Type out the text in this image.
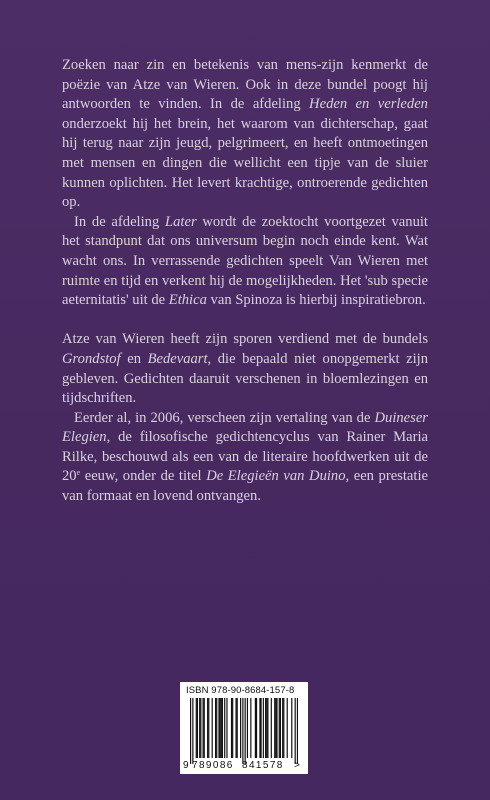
Zoeken naar zin en betekenis van mens-zijn kenmerkt de poëzie van Atze van Wieren. Ook in deze bundel poogt hij antwoorden te vinden. In de afdeling Heden en verleden onderzoekt hij het brein, het waarom van dichterschap, gaat hij terug naar zijn jeugd, pelgrimeert, en heeft ontmoetingen met mensen en dingen die wellicht een tipje van de sluier kunnen oplichten. Het levert krachtige, ontroerende gedichten op.

In de afdeling Later wordt de zoektocht voortgezet vanuit het standpunt dat ons universum begin noch einde kent. Wat wacht ons. In verrassende gedichten speelt Van Wieren met ruimte en tijd en verkent hij de mogelijkheden. Het 'sub specie aeternitatis' uit de Ethica van Spinoza is hierbij inspiratiebron.

Atze van Wieren heeft zijn sporen verdiend met de bundels Grondstof en Bedevaart, die bepaald niet onopgemerkt zijn gebleven. Gedichten daaruit verschenen in bloemlezingen en tijdschriften.

Eerder al, in 2006, verscheen zijn vertaling van de Duineser Elegien, de filosofische gedichtencyclus van Rainer Maria Rilke, beschouwd als een van de literaire hoofdwerken uit de 20e eeuw, onder de titel De Elegieën van Duino, een prestatie van formaat en lovend ontvangen.

ISBN 978-90-8684-157-8
9 789086 841578 >
